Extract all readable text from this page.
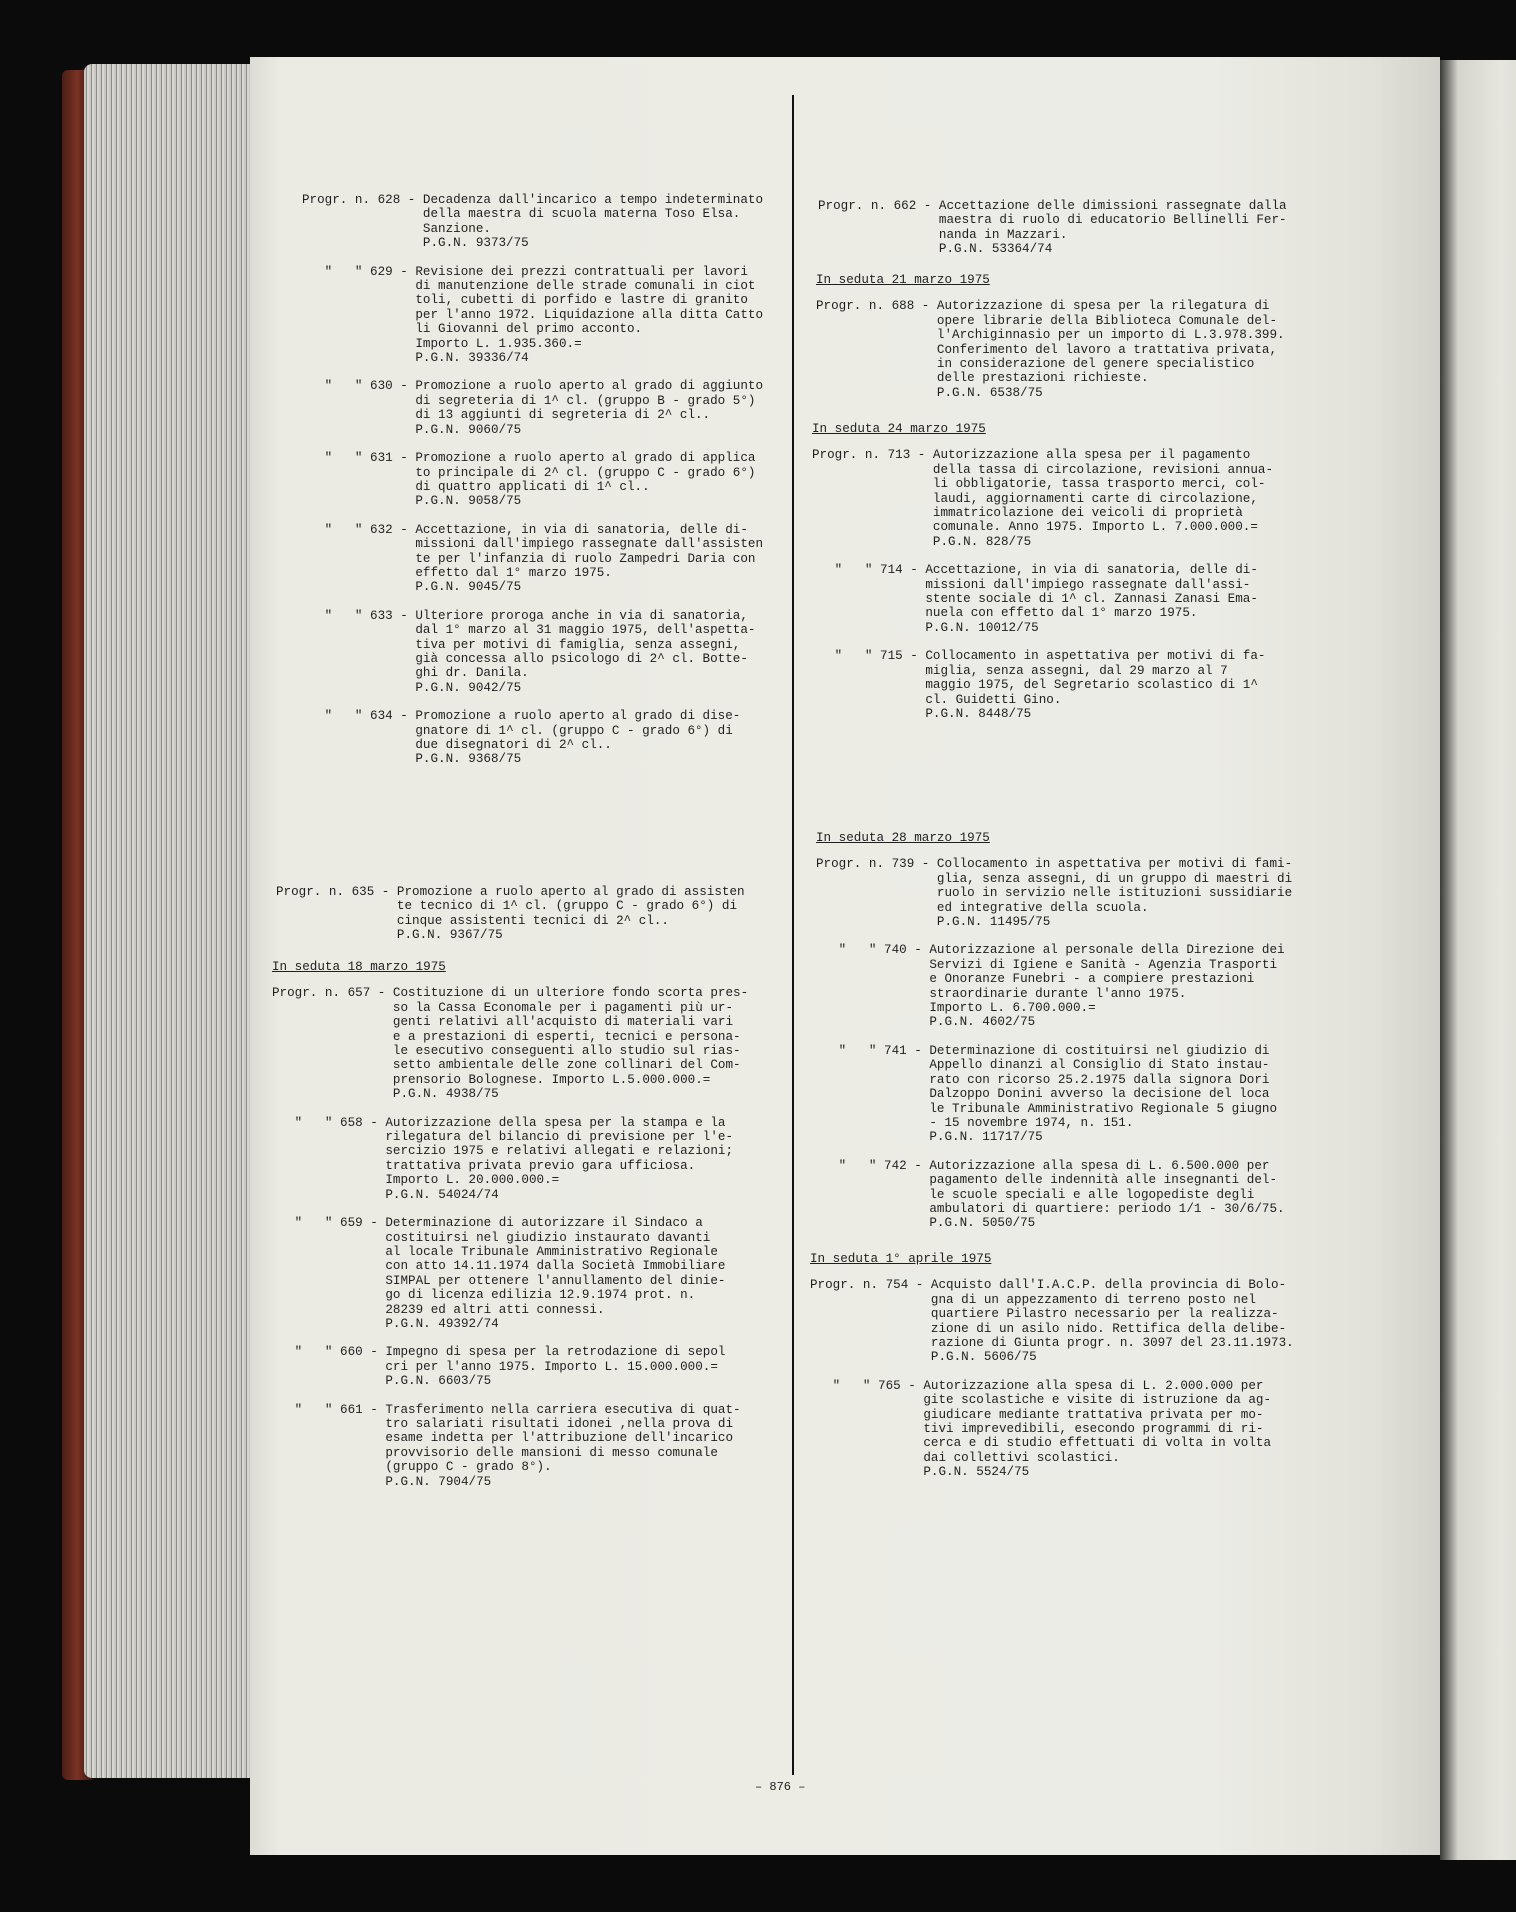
Progr. n. 628 - Decadenza dall'incarico a tempo indeterminato
della maestra di scuola materna Toso Elsa.
Sanzione.
P.G.N. 9373/75
"   " 629 - Revisione dei prezzi contrattuali per lavori
di manutenzione delle strade comunali in ciot
toli, cubetti di porfido e lastre di granito
per l'anno 1972. Liquidazione alla ditta Catto
li Giovanni del primo acconto.
Importo L. 1.935.360.=
P.G.N. 39336/74
"   " 630 - Promozione a ruolo aperto al grado di aggiunto
di segreteria di 1^ cl. (gruppo B - grado 5°)
di 13 aggiunti di segreteria di 2^ cl..
P.G.N. 9060/75
"   " 631 - Promozione a ruolo aperto al grado di applica
to principale di 2^ cl. (gruppo C - grado 6°)
di quattro applicati di 1^ cl..
P.G.N. 9058/75
"   " 632 - Accettazione, in via di sanatoria, delle di-
missioni dall'impiego rassegnate dall'assisten
te per l'infanzia di ruolo Zampedri Daria con
effetto dal 1° marzo 1975.
P.G.N. 9045/75
"   " 633 - Ulteriore proroga anche in via di sanatoria,
dal 1° marzo al 31 maggio 1975, dell'aspetta-
tiva per motivi di famiglia, senza assegni,
già concessa allo psicologo di 2^ cl. Botte-
ghi dr. Danila.
P.G.N. 9042/75
"   " 634 - Promozione a ruolo aperto al grado di dise-
gnatore di 1^ cl. (gruppo C - grado 6°) di
due disegnatori di 2^ cl..
P.G.N. 9368/75
Progr. n. 635 - Promozione a ruolo aperto al grado di assisten
te tecnico di 1^ cl. (gruppo C - grado 6°) di
cinque assistenti tecnici di 2^ cl..
P.G.N. 9367/75
In seduta 18 marzo 1975
Progr. n. 657 - Costituzione di un ulteriore fondo scorta pres-
so la Cassa Economale per i pagamenti più ur-
genti relativi all'acquisto di materiali vari
e a prestazioni di esperti, tecnici e persona-
le esecutivo conseguenti allo studio sul rias-
setto ambientale delle zone collinari del Com-
prensorio Bolognese. Importo L.5.000.000.=
P.G.N. 4938/75
"   " 658 - Autorizzazione della spesa per la stampa e la
rilegatura del bilancio di previsione per l'e-
sercizio 1975 e relativi allegati e relazioni;
trattativa privata previo gara ufficiosa.
Importo L. 20.000.000.=
P.G.N. 54024/74
"   " 659 - Determinazione di autorizzare il Sindaco a
costituirsi nel giudizio instaurato davanti
al locale Tribunale Amministrativo Regionale
con atto 14.11.1974 dalla Società Immobiliare
SIMPAL per ottenere l'annullamento del dinie-
go di licenza edilizia 12.9.1974 prot. n.
28239 ed altri atti connessi.
P.G.N. 49392/74
"   " 660 - Impegno di spesa per la retrodazione di sepol
cri per l'anno 1975. Importo L. 15.000.000.=
P.G.N. 6603/75
"   " 661 - Trasferimento nella carriera esecutiva di quat-
tro salariati risultati idonei ,nella prova di
esame indetta per l'attribuzione dell'incarico
provvisorio delle mansioni di messo comunale
(gruppo C - grado 8°).
P.G.N. 7904/75
Progr. n. 662 - Accettazione delle dimissioni rassegnate dalla
maestra di ruolo di educatorio Bellinelli Fer-
nanda in Mazzari.
P.G.N. 53364/74
In seduta 21 marzo 1975
Progr. n. 688 - Autorizzazione di spesa per la rilegatura di
opere librarie della Biblioteca Comunale del-
l'Archiginnasio per un importo di L.3.978.399.
Conferimento del lavoro a trattativa privata,
in considerazione del genere specialistico
delle prestazioni richieste.
P.G.N. 6538/75
In seduta 24 marzo 1975
Progr. n. 713 - Autorizzazione alla spesa per il pagamento
della tassa di circolazione, revisioni annua-
li obbligatorie, tassa trasporto merci, col-
laudi, aggiornamenti carte di circolazione,
immatricolazione dei veicoli di proprietà
comunale. Anno 1975. Importo L. 7.000.000.=
P.G.N. 828/75
"   " 714 - Accettazione, in via di sanatoria, delle di-
missioni dall'impiego rassegnate dall'assi-
stente sociale di 1^ cl. Zannasi Zanasi Ema-
nuela con effetto dal 1° marzo 1975.
P.G.N. 10012/75
"   " 715 - Collocamento in aspettativa per motivi di fa-
miglia, senza assegni, dal 29 marzo al 7
maggio 1975, del Segretario scolastico di 1^
cl. Guidetti Gino.
P.G.N. 8448/75
In seduta 28 marzo 1975
Progr. n. 739 - Collocamento in aspettativa per motivi di fami-
glia, senza assegni, di un gruppo di maestri di
ruolo in servizio nelle istituzioni sussidiarie
ed integrative della scuola.
P.G.N. 11495/75
"   " 740 - Autorizzazione al personale della Direzione dei
Servizi di Igiene e Sanità - Agenzia Trasporti
e Onoranze Funebri - a compiere prestazioni
straordinarie durante l'anno 1975.
Importo L. 6.700.000.=
P.G.N. 4602/75
"   " 741 - Determinazione di costituirsi nel giudizio di
Appello dinanzi al Consiglio di Stato instau-
rato con ricorso 25.2.1975 dalla signora Dori
Dalzoppo Donini avverso la decisione del loca
le Tribunale Amministrativo Regionale 5 giugno
- 15 novembre 1974, n. 151.
P.G.N. 11717/75
"   " 742 - Autorizzazione alla spesa di L. 6.500.000 per
pagamento delle indennità alle insegnanti del-
le scuole speciali e alle logopediste degli
ambulatori di quartiere: periodo 1/1 - 30/6/75.
P.G.N. 5050/75
In seduta 1° aprile 1975
Progr. n. 754 - Acquisto dall'I.A.C.P. della provincia di Bolo-
gna di un appezzamento di terreno posto nel
quartiere Pilastro necessario per la realizza-
zione di un asilo nido. Rettifica della delibe-
razione di Giunta progr. n. 3097 del 23.11.1973.
P.G.N. 5606/75
"   " 765 - Autorizzazione alla spesa di L. 2.000.000 per
gite scolastiche e visite di istruzione da ag-
giudicare mediante trattativa privata per mo-
tivi imprevedibili, esecondo programmi di ri-
cerca e di studio effettuati di volta in volta
dai collettivi scolastici.
P.G.N. 5524/75
– 876 –
